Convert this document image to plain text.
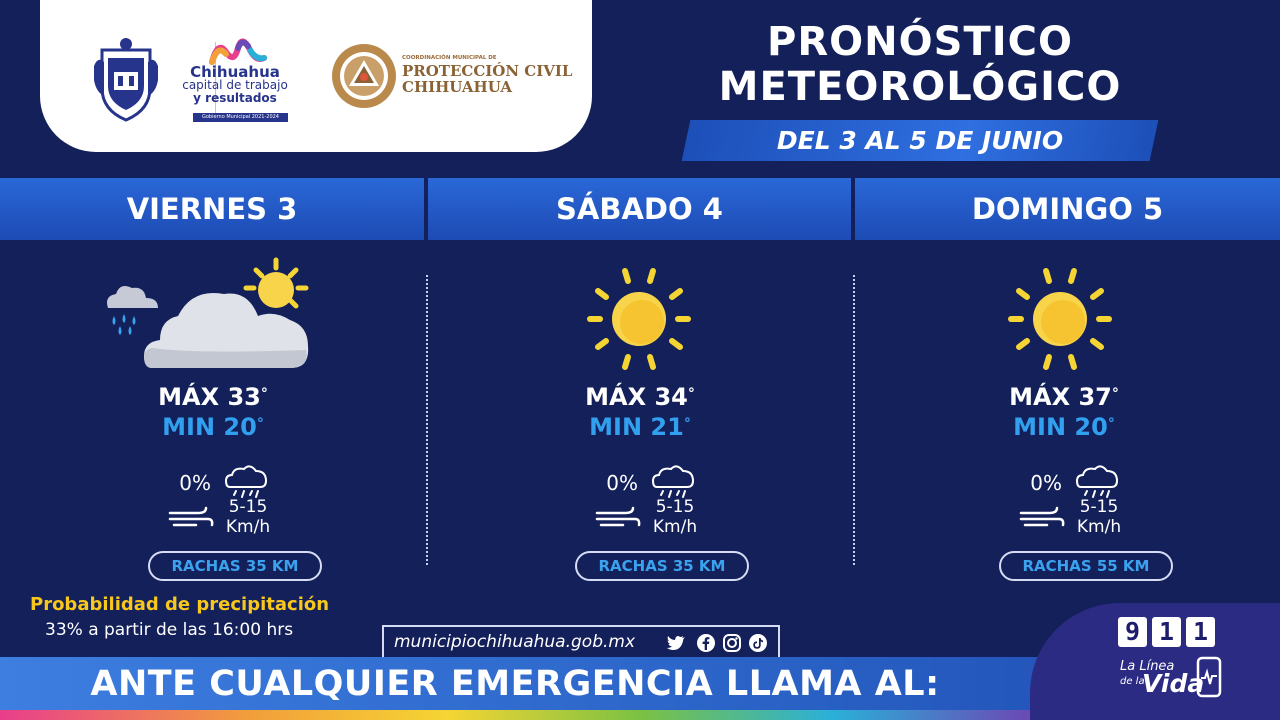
Chihuahua
capital de trabajo
y resultados
Gobierno Municipal 2021-2024
COORDINACIÓN MUNICIPAL DE
PROTECCIÓN CIVIL
CHIHUAHUA
PRONÓSTICO
METEOROLÓGICO
DEL 3 AL 5 DE JUNIO
VIERNES 3	SÁBADO 4	DOMINGO 5
MÁX 33°
MIN 20°
0%
5-15
Km/h
RACHAS 35 KM
MÁX 34°
MIN 21°
0%
5-15
Km/h
RACHAS 35 KM
MÁX 37°
MIN 20°
0%
5-15
Km/h
RACHAS 55 KM
Probabilidad de precipitación
33% a partir de las 16:00 hrs
municipiochihuahua.gob.mx
ANTE CUALQUIER EMERGENCIA LLAMA AL:
9 1 1
La Línea
de la
Vida
